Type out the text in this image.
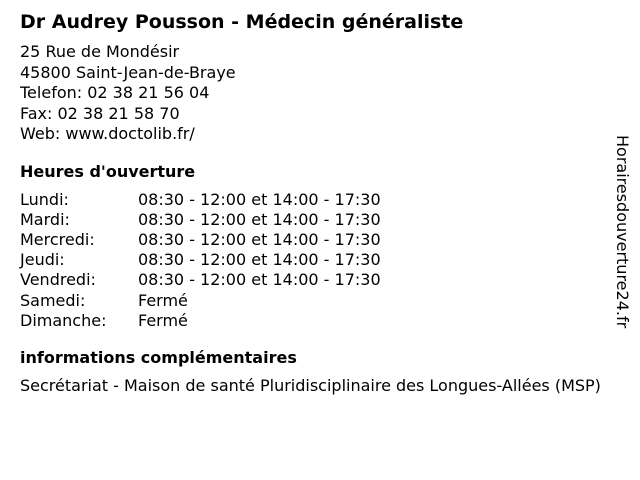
Dr Audrey Pousson - Médecin généraliste
25 Rue de Mondésir
45800 Saint-Jean-de-Braye
Telefon: 02 38 21 56 04
Fax: 02 38 21 58 70
Web: www.doctolib.fr/
Heures d'ouverture
Lundi:	08:30 - 12:00 et 14:00 - 17:30
Mardi:	08:30 - 12:00 et 14:00 - 17:30
Mercredi:	08:30 - 12:00 et 14:00 - 17:30
Jeudi:	08:30 - 12:00 et 14:00 - 17:30
Vendredi:	08:30 - 12:00 et 14:00 - 17:30
Samedi:	Fermé
Dimanche:	Fermé
informations complémentaires
Secrétariat - Maison de santé Pluridisciplinaire des Longues-Allées (MSP)
Horairesdouverture24.fr
